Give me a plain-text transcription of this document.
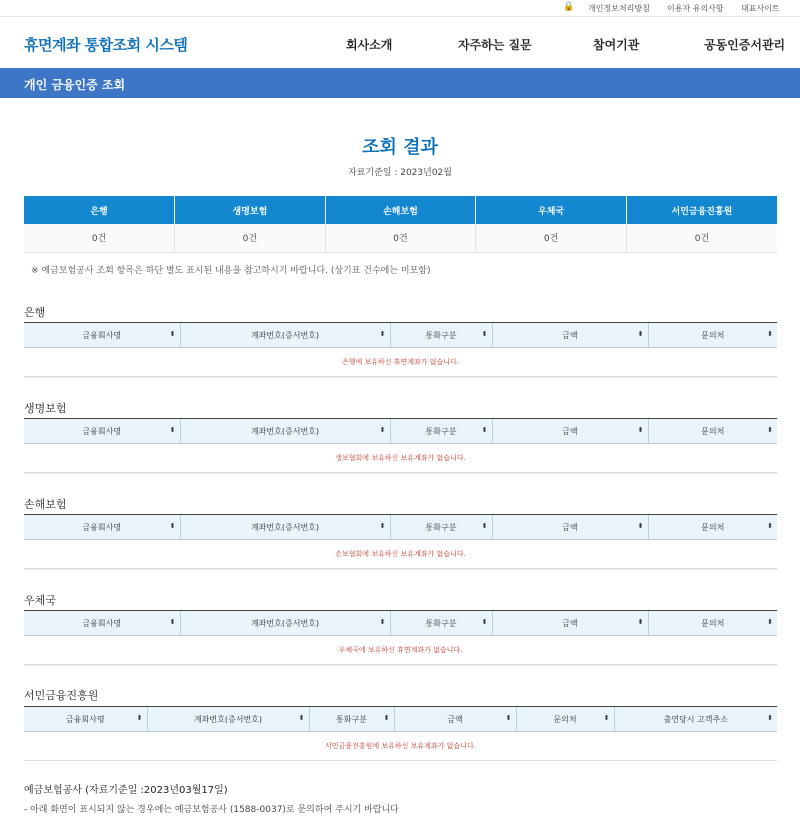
🔒 개인정보처리방침 이용자 유의사항 대표사이트
휴면계좌 통합조회 시스템	회사소개	자주하는 질문	참여기관	공동인증서관리
개인 금융인증 조회
조회 결과
자료기준일 : 2023년02월
은행	생명보험	손해보험	우체국	서민금융진흥원
0건	0건	0건	0건	0건
※ 예금보험공사 조회 항목은 하단 별도 표시된 내용을 참고하시기 바랍니다. (상기표 건수에는 미포함)
은행
금융회사명	⬍	계좌번호(증서번호)	⬍	통화구분	⬍	금액	⬍	문의처	⬍

은행에 보유하신 휴면계좌가 없습니다.
생명보험
금융회사명	⬍	계좌번호(증서번호)	⬍	통화구분	⬍	금액	⬍	문의처	⬍

생보협회에 보유하신 보유계좌가 없습니다.
손해보험
금융회사명	⬍	계좌번호(증서번호)	⬍	통화구분	⬍	금액	⬍	문의처	⬍

손보협회에 보유하신 보유계좌가 없습니다.
우체국
금융회사명	⬍	계좌번호(증서번호)	⬍	통화구분	⬍	금액	⬍	문의처	⬍

우체국에 보유하신 휴면계좌가 없습니다.
서민금융진흥원
금융회사명	⬍	계좌번호(증서번호)	⬍	통화구분 ⬍	금액	⬍	문의처	⬍	출연당시 고객주소	⬍

서민금융진흥원에 보유하신 보유계좌가 없습니다.
예금보험공사 (자료기준일 :2023년03월17일)
- 아래 화면이 표시되지 않는 경우에는 예금보험공사 (1588-0037)로 문의하여 주시기 바랍니다
